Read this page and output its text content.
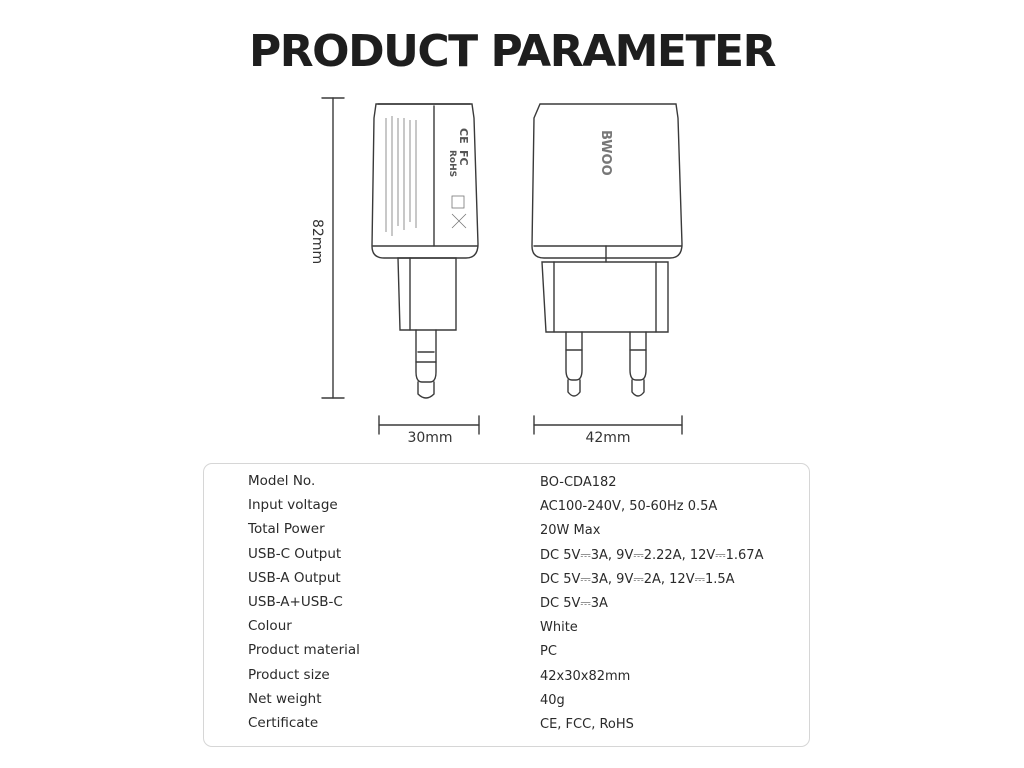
PRODUCT PARAMETER
CE
FC
RoHS	BWOO
82mm
30mm	42mm
Model No.	BO-CDA182
Input voltage	AC100-240V, 50-60Hz 0.5A
Total Power	20W Max
USB-C Output	DC 5V⎓3A, 9V⎓2.22A, 12V⎓1.67A
USB-A Output	DC 5V⎓3A, 9V⎓2A, 12V⎓1.5A
USB-A+USB-C	DC 5V⎓3A
Colour	White
Product material	PC
Product size	42x30x82mm
Net weight	40g
Certificate	CE, FCC, RoHS
